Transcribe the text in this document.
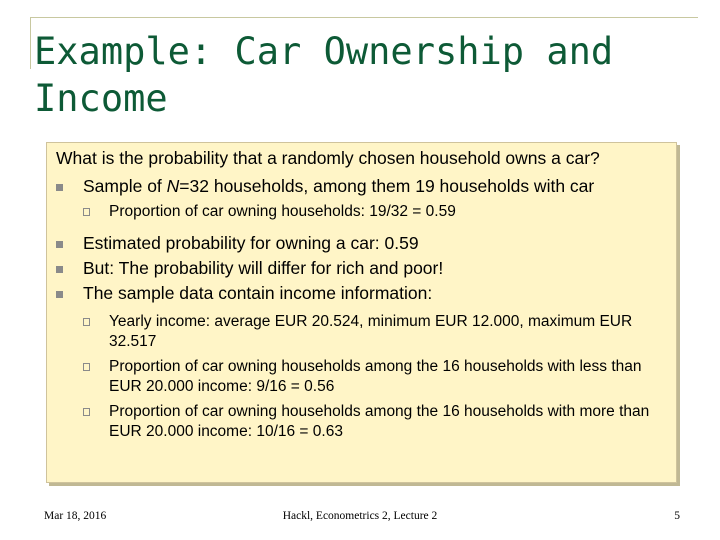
Example: Car Ownership and Income

What is the probability that a randomly chosen household owns a car?

Sample of N=32 households, among them 19 households with car
Proportion of car owning households: 19/32 = 0.59
Estimated probability for owning a car: 0.59
But: The probability will differ for rich and poor!
The sample data contain income information:
Yearly income: average EUR 20.524, minimum EUR 12.000, maximum EUR 32.517
Proportion of car owning households among the 16 households with less than EUR 20.000 income: 9/16 = 0.56
Proportion of car owning households among the 16 households with more than EUR 20.000 income: 10/16 = 0.63
Mar 18, 2016	Hackl, Econometrics 2, Lecture 2	5
